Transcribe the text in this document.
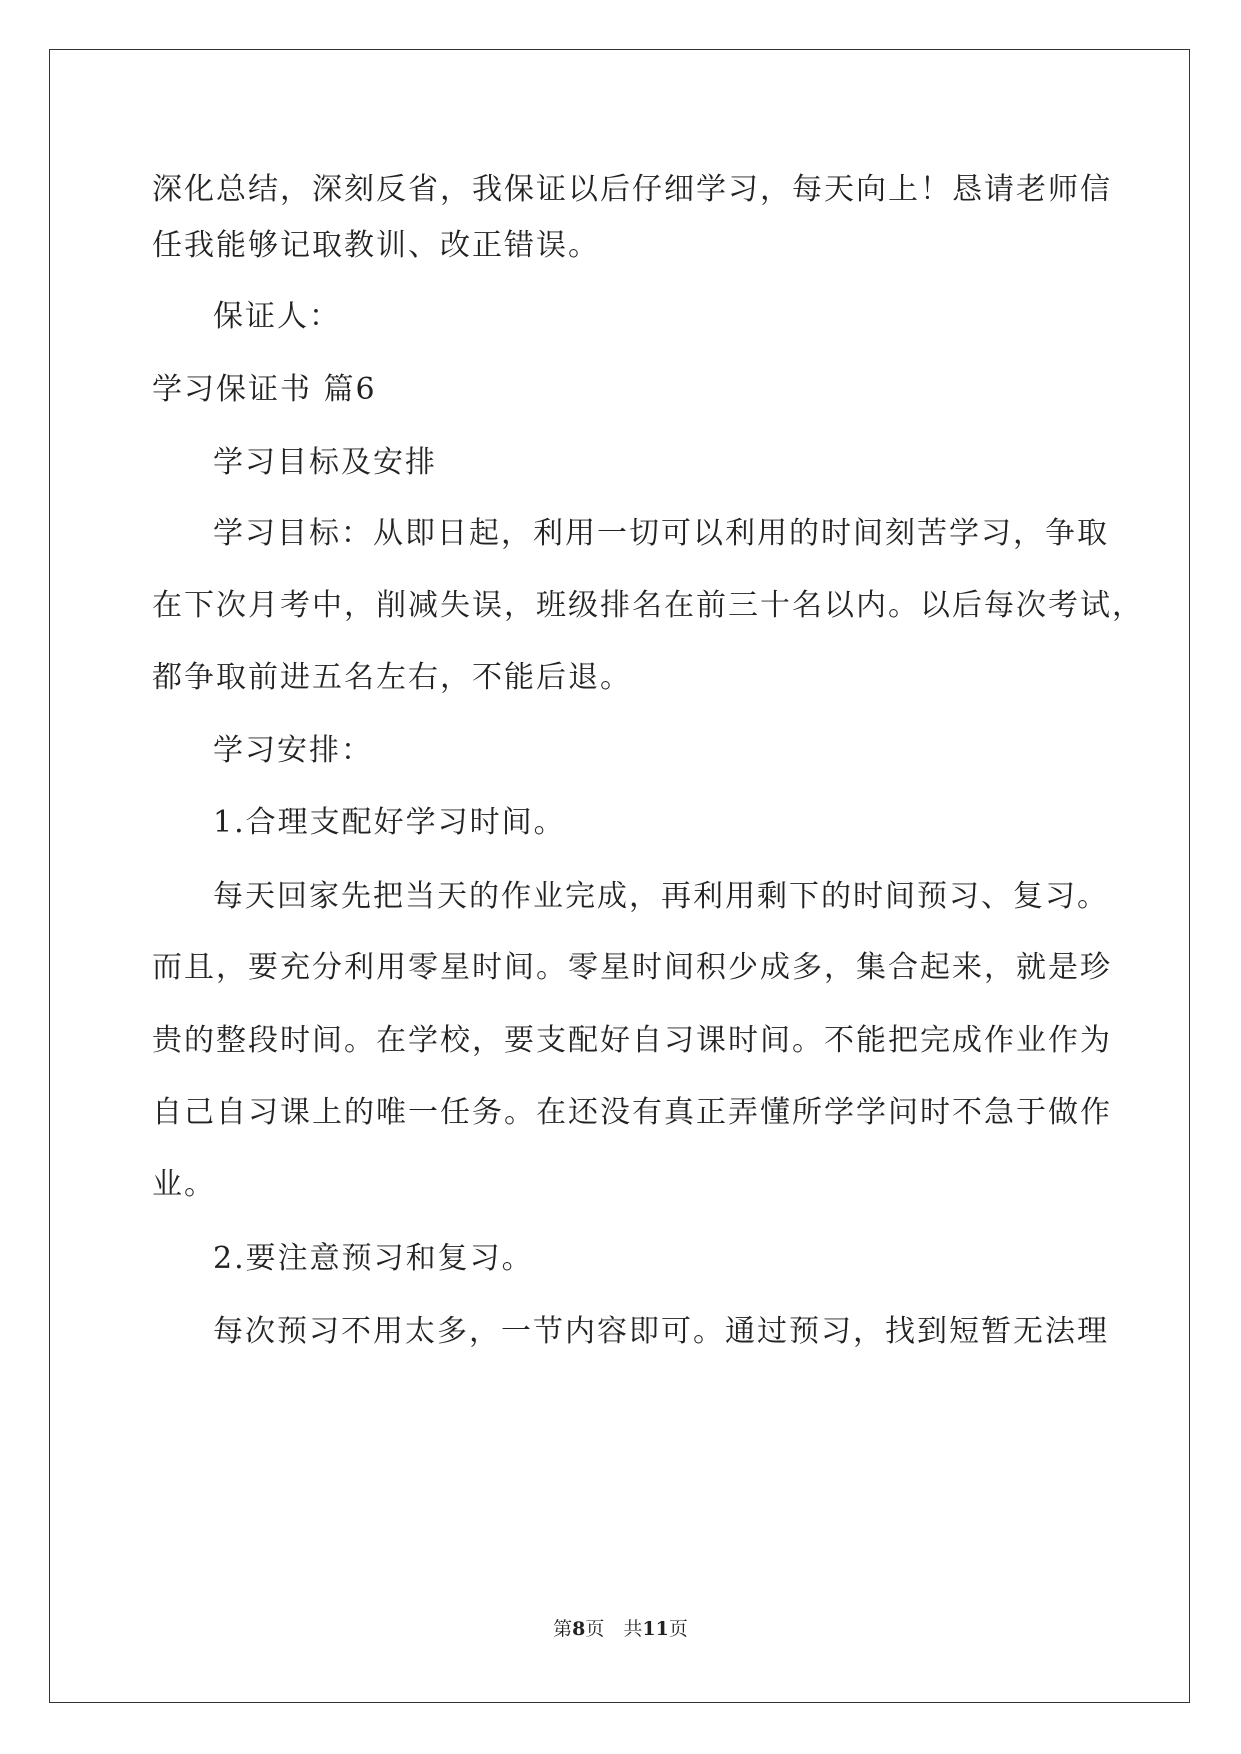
深化总结，深刻反省，我保证以后仔细学习，每天向上！恳请老师信
任我能够记取教训、改正错误。
保证人：
学习保证书 篇6
学习目标及安排
学习目标：从即日起，利用一切可以利用的时间刻苦学习，争取
在下次月考中，削减失误，班级排名在前三十名以内。以后每次考试，
都争取前进五名左右，不能后退。
学习安排：
1.合理支配好学习时间。
每天回家先把当天的作业完成，再利用剩下的时间预习、复习。
而且，要充分利用零星时间。零星时间积少成多，集合起来，就是珍
贵的整段时间。在学校，要支配好自习课时间。不能把完成作业作为
自己自习课上的唯一任务。在还没有真正弄懂所学学问时不急于做作
业。
2.要注意预习和复习。
每次预习不用太多，一节内容即可。通过预习，找到短暂无法理
第8页　共11页
